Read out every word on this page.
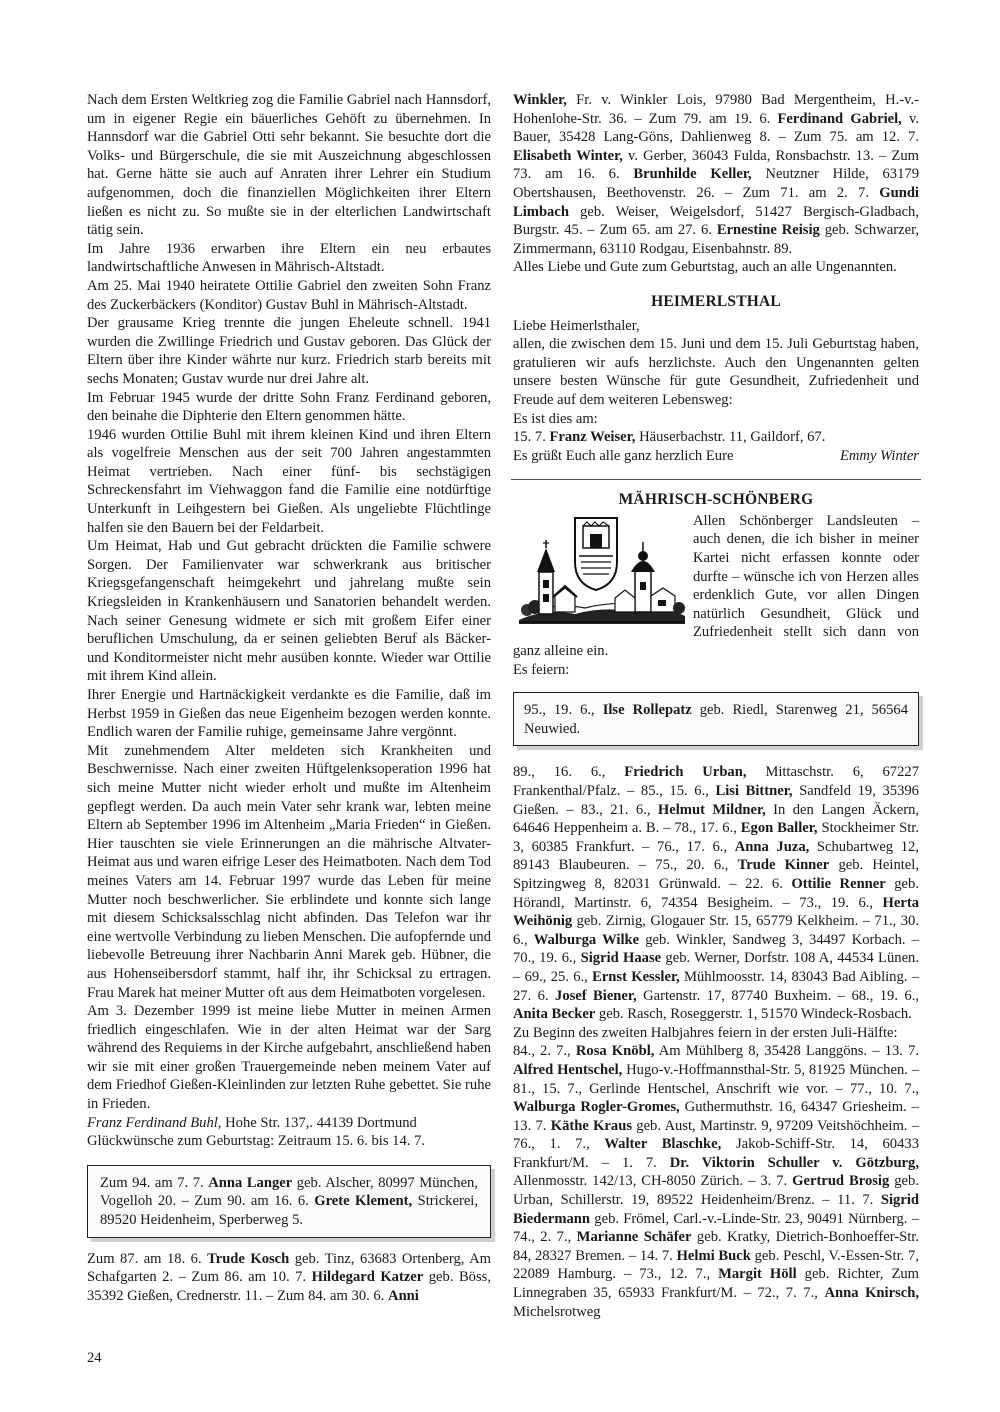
Nach dem Ersten Weltkrieg zog die Familie Gabriel nach Hannsdorf, um in eigener Regie ein bäuerliches Gehöft zu übernehmen. In Hannsdorf war die Gabriel Otti sehr bekannt. Sie besuchte dort die Volks- und Bürgerschule, die sie mit Auszeichnung abgeschlossen hat. Gerne hätte sie auch auf Anraten ihrer Lehrer ein Studium aufgenommen, doch die finanziellen Möglichkeiten ihrer Eltern ließen es nicht zu. So mußte sie in der elterlichen Landwirtschaft tätig sein.

Im Jahre 1936 erwarben ihre Eltern ein neu erbautes landwirtschaftliche Anwesen in Mährisch-Altstadt.

Am 25. Mai 1940 heiratete Ottilie Gabriel den zweiten Sohn Franz des Zuckerbäckers (Konditor) Gustav Buhl in Mährisch-Altstadt.

Der grausame Krieg trennte die jungen Eheleute schnell. 1941 wurden die Zwillinge Friedrich und Gustav geboren. Das Glück der Eltern über ihre Kinder währte nur kurz. Friedrich starb bereits mit sechs Monaten; Gustav wurde nur drei Jahre alt.

Im Februar 1945 wurde der dritte Sohn Franz Ferdinand geboren, den beinahe die Diphterie den Eltern genommen hätte.

1946 wurden Ottilie Buhl mit ihrem kleinen Kind und ihren Eltern als vogelfreie Menschen aus der seit 700 Jahren angestammten Heimat vertrieben. Nach einer fünf- bis sechstägigen Schreckensfahrt im Viehwaggon fand die Familie eine notdürftige Unterkunft in Leihgestern bei Gießen. Als ungeliebte Flüchtlinge halfen sie den Bauern bei der Feldarbeit.

Um Heimat, Hab und Gut gebracht drückten die Familie schwere Sorgen. Der Familienvater war schwerkrank aus britischer Kriegsgefangenschaft heimgekehrt und jahrelang mußte sein Kriegsleiden in Krankenhäusern und Sanatorien behandelt werden. Nach seiner Genesung widmete er sich mit großem Eifer einer beruflichen Umschulung, da er seinen geliebten Beruf als Bäcker- und Konditormeister nicht mehr ausüben konnte. Wieder war Ottilie mit ihrem Kind allein.

Ihrer Energie und Hartnäckigkeit verdankte es die Familie, daß im Herbst 1959 in Gießen das neue Eigenheim bezogen werden konnte. Endlich waren der Familie ruhige, gemeinsame Jahre vergönnt.

Mit zunehmendem Alter meldeten sich Krankheiten und Beschwernisse. Nach einer zweiten Hüftgelenksoperation 1996 hat sich meine Mutter nicht wieder erholt und mußte im Altenheim gepflegt werden. Da auch mein Vater sehr krank war, lebten meine Eltern ab September 1996 im Altenheim „Maria Frieden“ in Gießen. Hier tauschten sie viele Erinnerungen an die mährische Altvater-Heimat aus und waren eifrige Leser des Heimatboten. Nach dem Tod meines Vaters am 14. Februar 1997 wurde das Leben für meine Mutter noch beschwerlicher. Sie erblindete und konnte sich lange mit diesem Schicksalsschlag nicht abfinden. Das Telefon war ihr eine wertvolle Verbindung zu lieben Menschen. Die aufopfernde und liebevolle Betreuung ihrer Nachbarin Anni Marek geb. Hübner, die aus Hohenseibersdorf stammt, half ihr, ihr Schicksal zu ertragen. Frau Marek hat meiner Mutter oft aus dem Heimatboten vorgelesen.

Am 3. Dezember 1999 ist meine liebe Mutter in meinen Armen friedlich eingeschlafen. Wie in der alten Heimat war der Sarg während des Requiems in der Kirche aufgebahrt, anschließend haben wir sie mit einer großen Trauergemeinde neben meinem Vater auf dem Friedhof Gießen-Kleinlinden zur letzten Ruhe gebettet. Sie ruhe in Frieden.

Franz Ferdinand Buhl, Hohe Str. 137,. 44139 Dortmund

Glückwünsche zum Geburtstag: Zeitraum 15. 6. bis 14. 7.

Zum 94. am 7. 7. Anna Langer geb. Alscher, 80997 München, Vogelloh 20. – Zum 90. am 16. 6. Grete Klement, Strickerei, 89520 Heidenheim, Sperberweg 5.

Zum 87. am 18. 6. Trude Kosch geb. Tinz, 63683 Ortenberg, Am Schafgarten 2. – Zum 86. am 10. 7. Hildegard Katzer geb. Böss, 35392 Gießen, Crednerstr. 11. – Zum 84. am 30. 6. Anni

Winkler, Fr. v. Winkler Lois, 97980 Bad Mergentheim, H.-v.-Hohenlohe-Str. 36. – Zum 79. am 19. 6. Ferdinand Gabriel, v. Bauer, 35428 Lang-Göns, Dahlienweg 8. – Zum 75. am 12. 7. Elisabeth Winter, v. Gerber, 36043 Fulda, Ronsbachstr. 13. – Zum 73. am 16. 6. Brunhilde Keller, Neutzner Hilde, 63179 Obertshausen, Beethovenstr. 26. – Zum 71. am 2. 7. Gundi Limbach geb. Weiser, Weigelsdorf, 51427 Bergisch-Gladbach, Burgstr. 45. – Zum 65. am 27. 6. Ernestine Reisig geb. Schwarzer, Zimmermann, 63110 Rodgau, Eisenbahnstr. 89.

Alles Liebe und Gute zum Geburtstag, auch an alle Ungenannten.

HEIMERLSTHAL

Liebe Heimerlsthaler,

allen, die zwischen dem 15. Juni und dem 15. Juli Geburtstag haben, gratulieren wir aufs herzlichste. Auch den Ungenannten gelten unsere besten Wünsche für gute Gesundheit, Zufriedenheit und Freude auf dem weiteren Lebensweg:

Es ist dies am:

15. 7. Franz Weiser, Häuserbachstr. 11, Gaildorf, 67.

Es grüßt Euch alle ganz herzlich Eure	Emmy Winter
MÄHRISCH-SCHÖNBERG

Allen Schönberger Landsleuten – auch denen, die ich bisher in meiner Kartei nicht erfassen konnte oder durfte – wünsche ich von Herzen alles erdenklich Gute, vor allen Dingen natürlich Gesundheit, Glück und Zufriedenheit stellt sich dann von ganz alleine ein.

Es feiern:

95., 19. 6., Ilse Rollepatz geb. Riedl, Starenweg 21, 56564 Neuwied.

89., 16. 6., Friedrich Urban, Mittaschstr. 6, 67227 Frankenthal/Pfalz. – 85., 15. 6., Lisi Bittner, Sandfeld 19, 35396 Gießen. – 83., 21. 6., Helmut Mildner, In den Langen Äckern, 64646 Heppenheim a. B. – 78., 17. 6., Egon Baller, Stockheimer Str. 3, 60385 Frankfurt. – 76., 17. 6., Anna Juza, Schubartweg 12, 89143 Blaubeuren. – 75., 20. 6., Trude Kinner geb. Heintel, Spitzingweg 8, 82031 Grünwald. – 22. 6. Ottilie Renner geb. Hörandl, Martinstr. 6, 74354 Besigheim. – 73., 19. 6., Herta Weihönig geb. Zirnig, Glogauer Str. 15, 65779 Kelkheim. – 71., 30. 6., Walburga Wilke geb. Winkler, Sandweg 3, 34497 Korbach. – 70., 19. 6., Sigrid Haase geb. Werner, Dorfstr. 108 A, 44534 Lünen. – 69., 25. 6., Ernst Kessler, Mühlmoosstr. 14, 83043 Bad Aibling. – 27. 6. Josef Biener, Gartenstr. 17, 87740 Buxheim. – 68., 19. 6., Anita Becker geb. Rasch, Roseggerstr. 1, 51570 Windeck-Rosbach.

Zu Beginn des zweiten Halbjahres feiern in der ersten Juli-Hälfte:

84., 2. 7., Rosa Knöbl, Am Mühlberg 8, 35428 Langgöns. – 13. 7. Alfred Hentschel, Hugo-v.-Hoffmannsthal-Str. 5, 81925 München. – 81., 15. 7., Gerlinde Hentschel, Anschrift wie vor. – 77., 10. 7., Walburga Rogler-Gromes, Guthermuthstr. 16, 64347 Griesheim. – 13. 7. Käthe Kraus geb. Aust, Martinstr. 9, 97209 Veitshöchheim. – 76., 1. 7., Walter Blaschke, Jakob-Schiff-Str. 14, 60433 Frankfurt/M. – 1. 7. Dr. Viktorin Schuller v. Götzburg, Allenmosstr. 142/13, CH-8050 Zürich. – 3. 7. Gertrud Brosig geb. Urban, Schillerstr. 19, 89522 Heidenheim/Brenz. – 11. 7. Sigrid Biedermann geb. Frömel, Carl.-v.-Linde-Str. 23, 90491 Nürnberg. – 74., 2. 7., Marianne Schäfer geb. Kratky, Dietrich-Bonhoeffer-Str. 84, 28327 Bremen. – 14. 7. Helmi Buck geb. Peschl, V.-Essen-Str. 7, 22089 Hamburg. – 73., 12. 7., Margit Höll geb. Richter, Zum Linnegraben 35, 65933 Frankfurt/M. – 72., 7. 7., Anna Knirsch, Michelsrotweg

24
